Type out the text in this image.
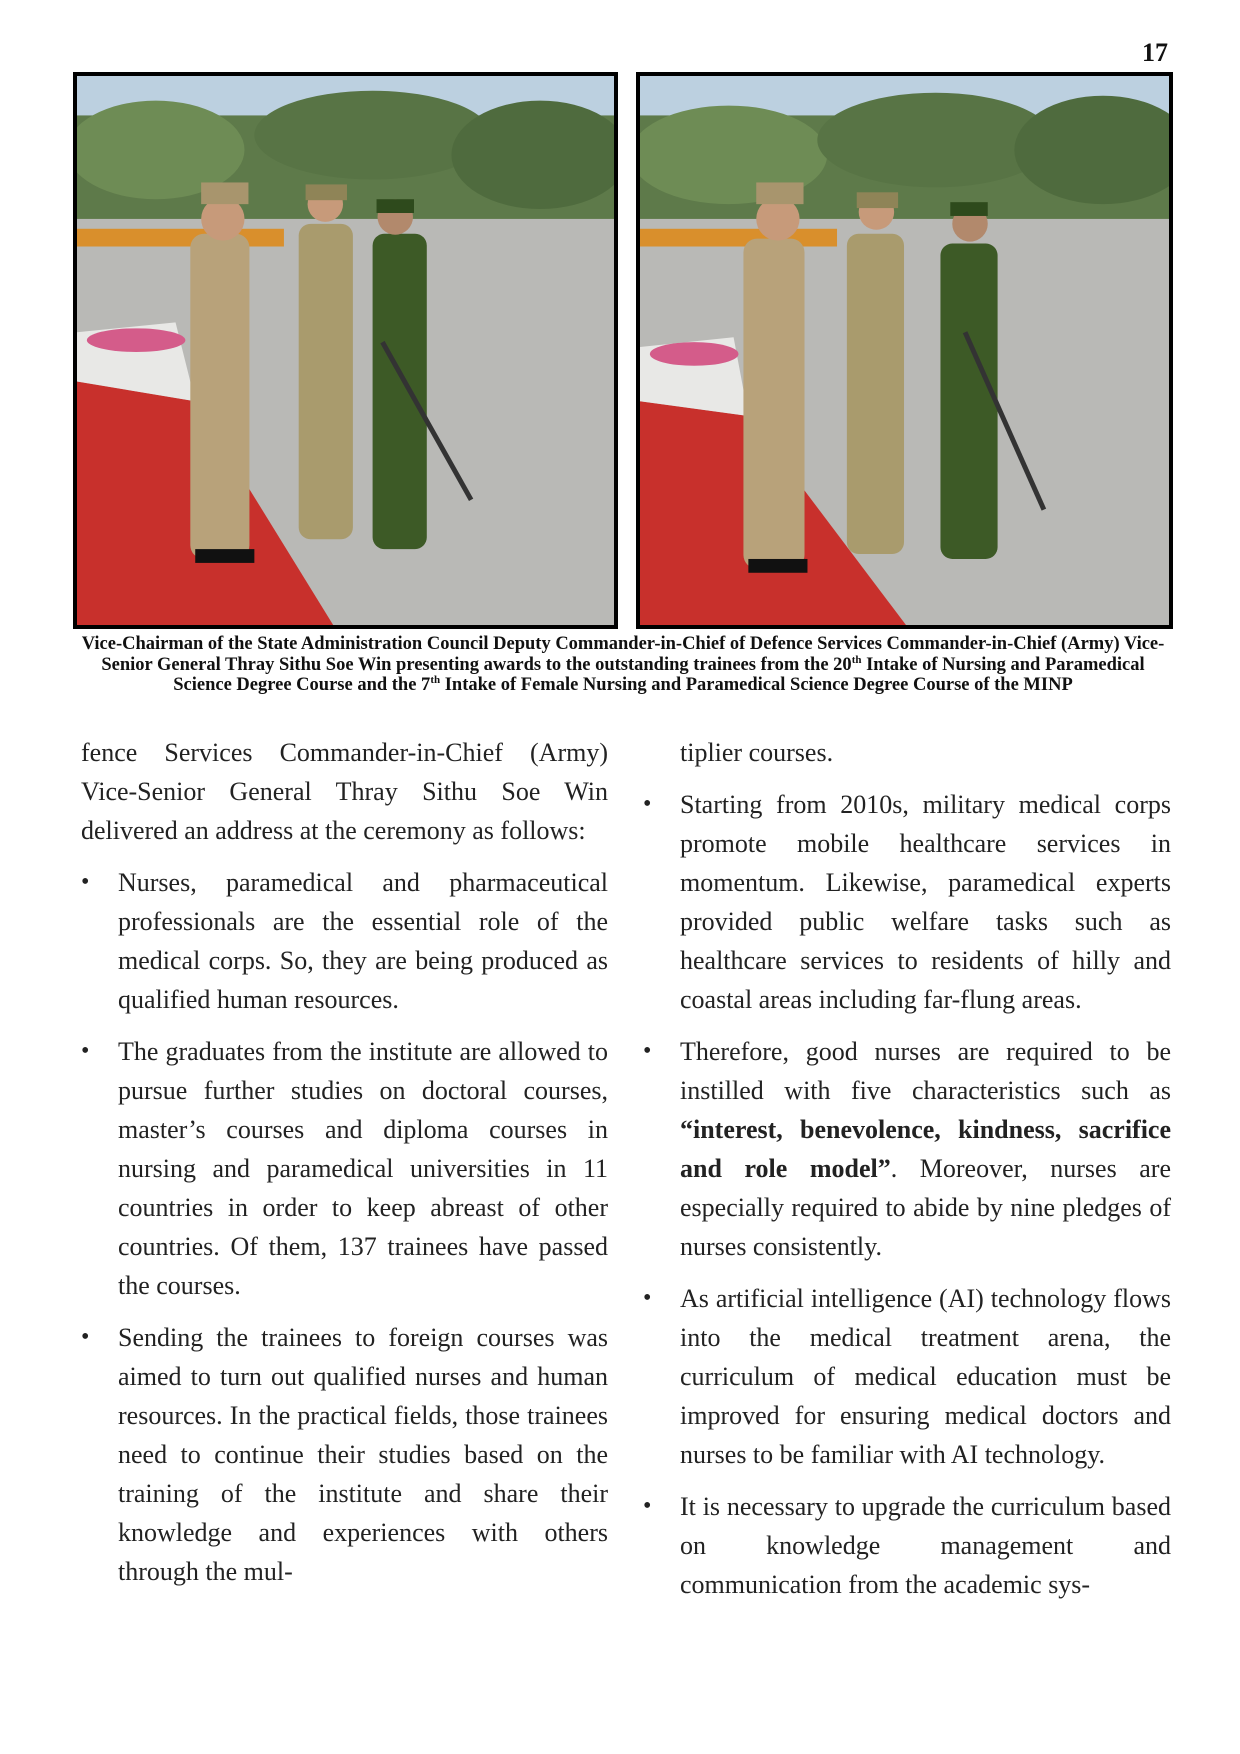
17
Vice-Chairman of the State Administration Council Deputy Commander-in-Chief of Defence Services Commander-in-Chief (Army) Vice-Senior General Thray Sithu Soe Win presenting awards to the outstanding trainees from the 20th Intake of Nursing and Paramedical Science Degree Course and the 7th Intake of Female Nursing and Paramedical Science Degree Course of the MINP

fence Services Commander-in-Chief (Army) Vice-Senior General Thray Sithu Soe Win delivered an address at the ceremony as follows:

• Nurses, paramedical and pharmaceutical professionals are the essential role of the medical corps. So, they are being produced as qualified human resources.
• The graduates from the institute are allowed to pursue further studies on doctoral courses, master’s courses and diploma courses in nursing and paramedical universities in 11 countries in order to keep abreast of other countries. Of them, 137 trainees have passed the courses.
• Sending the trainees to foreign courses was aimed to turn out qualified nurses and human resources. In the practical fields, those trainees need to continue their studies based on the training of the institute and share their knowledge and experiences with others through the mul-

tiplier courses.

• Starting from 2010s, military medical corps promote mobile healthcare services in momentum. Likewise, paramedical experts provided public welfare tasks such as healthcare services to residents of hilly and coastal areas including far-flung areas.
• Therefore, good nurses are required to be instilled with five characteristics such as “interest, benevolence, kindness, sacrifice and role model”. Moreover, nurses are especially required to abide by nine pledges of nurses consistently.
• As artificial intelligence (AI) technology flows into the medical treatment arena, the curriculum of medical education must be improved for ensuring medical doctors and nurses to be familiar with AI technology.
• It is necessary to upgrade the curriculum based on knowledge management and communication from the academic sys-
